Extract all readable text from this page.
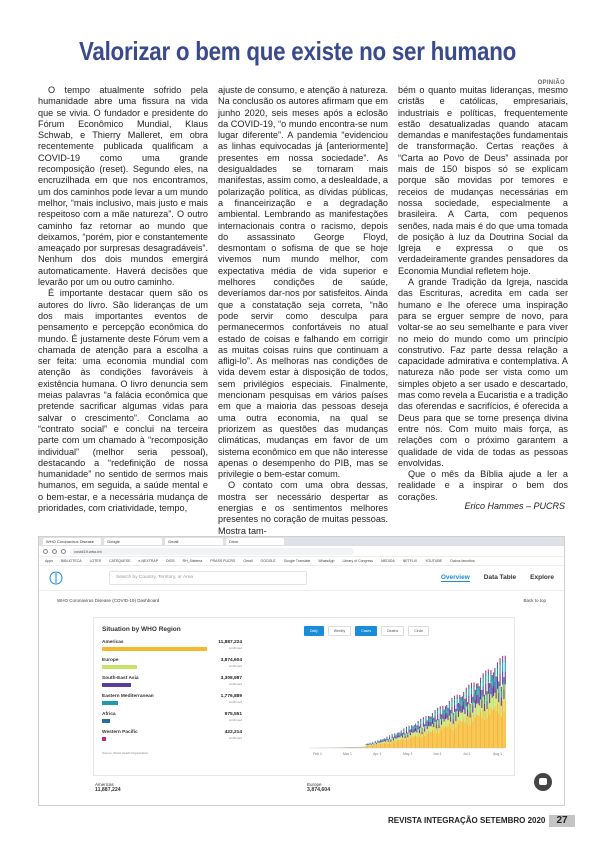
Valorizar o bem que existe no ser humano
OPINIÃO

O tempo atualmente sofrido pela humanidade abre uma fissura na vida que se vivia. O fundador e presidente do Fórum Econômico Mundial, Klaus Schwab, e Thierry Malleret, em obra recentemente publicada qualificam a COVID-19 como uma grande recomposição (reset). Segundo eles, na encruzilhada em que nos encontramos, um dos caminhos pode levar a um mundo melhor, “mais inclusivo, mais justo e mais respeitoso com a mãe natureza”. O outro caminho faz retornar ao mundo que deixamos, “porém, pior e constantemente ameaçado por surpresas desagradáveis”. Nenhum dos dois mundos emergirá automaticamente. Haverá decisões que levarão por um ou outro caminho.

É importante destacar quem são os autores do livro. São lideranças de um dos mais importantes eventos de pensamento e percepção econômica do mundo. É justamente deste Fórum vem a chamada de atenção para a escolha a ser feita: uma economia mundial com atenção às condições favoráveis à existência humana. O livro denuncia sem meias palavras “a falácia econômica que pretende sacrificar algumas vidas para salvar o crescimento”. Conclama ao “contrato social” e conclui na terceira parte com um chamado à “recomposição individual” (melhor seria pessoal), destacando a “redefinição de nossa humanidade” no sentido de sermos mais humanos, em seguida, a saúde mental e o bem-estar, e a necessária mudança de prioridades, com criatividade, tempo,

ajuste de consumo, e atenção à natureza. Na conclusão os autores afirmam que em junho 2020, seis meses após a eclosão da COVID-19, “o mundo encontra-se num lugar diferente”. A pandemia “evidenciou as linhas equivocadas já [anteriormente] presentes em nossa sociedade”. As desigualdades se tornaram mais manifestas, assim como, a deslealdade, a polarização política, as dívidas públicas, a financeirização e a degradação ambiental. Lembrando as manifestações internacionais contra o racismo, depois do assassinato George Floyd, desmontam o sofisma de que se hoje vivemos num mundo melhor, com expectativa média de vida superior e melhores condições de saúde, deveríamos dar-nos por satisfeitos. Ainda que a constatação seja correta, “não pode servir como desculpa para permanecermos confortáveis no atual estado de coisas e falhando em corrigir as muitas coisas ruins que continuam a afligi-lo”. As melhoras nas condições de vida devem estar à disposição de todos, sem privilégios especiais. Finalmente, mencionam pesquisas em vários países em que a maioria das pessoas deseja uma outra economia, na qual se priorizem as questões das mudanças climáticas, mudanças em favor de um sistema econômico em que não interesse apenas o desempenho do PIB, mas se privilegie o bem-estar comum.

O contato com uma obra dessas, mostra ser necessário despertar as energias e os sentimentos melhores presentes no coração de muitas pessoas. Mostra tam-

bém o quanto muitas lideranças, mesmo cristãs e católicas, empresariais, industriais e políticas, frequentemente estão desatualizadas quando atacam demandas e manifestações fundamentais de transformação. Certas reações à “Carta ao Povo de Deus” assinada por mais de 150 bispos só se explicam porque são movidas por temores e receios de mudanças necessárias em nossa sociedade, especialmente a brasileira. A Carta, com pequenos senões, nada mais é do que uma tomada de posição à luz da Doutrina Social da Igreja e expressa o que os verdadeiramente grandes pensadores da Economia Mundial refletem hoje.

A grande Tradição da Igreja, nascida das Escrituras, acredita em cada ser humano e lhe oferece uma inspiração para se erguer sempre de novo, para voltar-se ao seu semelhante e para viver no meio do mundo como um princípio construtivo. Faz parte dessa relação a capacidade admirativa e contemplativa. A natureza não pode ser vista como um simples objeto a ser usado e descartado, mas como revela a Eucaristia e a tradição das oferendas e sacrifícios, é oferecida a Deus para que se torne presença divina entre nós. Com muito mais força, as relações com o próximo garantem a qualidade de vida de todas as pessoas envolvidas.

Que o mês da Bíblia ajude a ler a realidade e a inspirar o bem dos corações.

Erico Hammes – PUCRS
WHO Coronavirus Disease	Google	Gmail	Drive
covid19.who.int
Apps BIBLIOTECA LOTES CATEQUESE e-NEXTRAP DIOS RH_Sistema PRASS PUCRS Gmail GOOGLE Google Translate WhatsApp Library of Congress MEDIDA NETFLIX YOUTUBE Outros favoritos
Search by Country, Territory, or Area	Overview Data Table Explore
WHO Coronavirus Disease (COVID-19) Dashboard	Back to top
Situation by WHO Region
Americas	11,887,224
confirmed
Europe	3,874,604
confirmed
South-East Asia	3,308,987
confirmed
Eastern Mediterranean	1,776,889
confirmed
Africa	975,551
confirmed
Western Pacific	422,214
confirmed
Daily	Weekly	Cases	Deaths	Circle
Feb 1	Mar 1	Apr 1	May 1	Jun 1	Jul 1	Aug 1
Source: World Health Organization
Americas
11,887,224
Europe
3,874,604
REVISTA INTEGRAÇÃO SETEMBRO 2020	27
